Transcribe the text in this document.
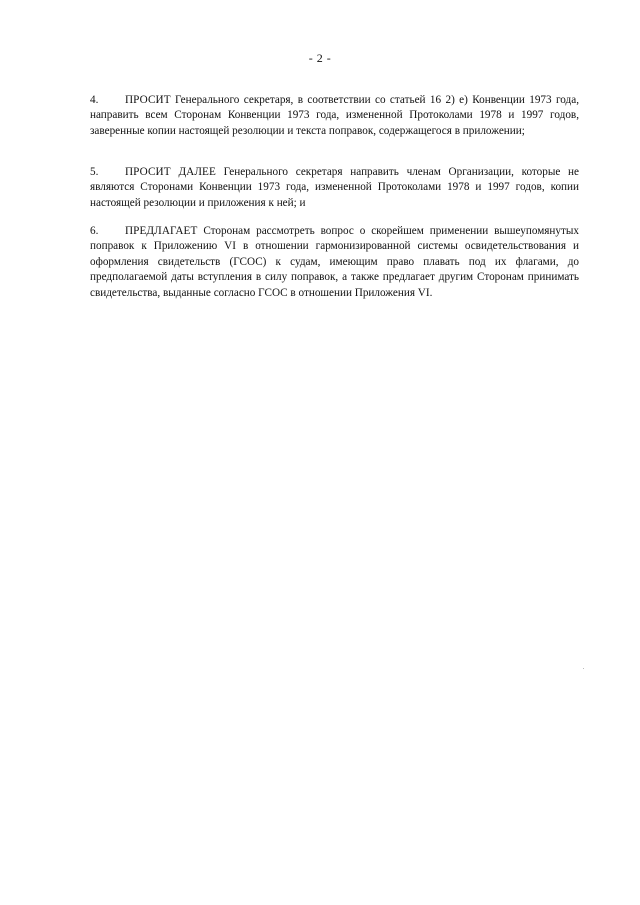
- 2 -

4. ПРОСИТ Генерального секретаря, в соответствии со статьей 16 2) е) Конвенции 1973 года, направить всем Сторонам Конвенции 1973 года, измененной Протоколами 1978 и 1997 годов, заверенные копии настоящей резолюции и текста поправок, содержащегося в приложении;

5. ПРОСИТ ДАЛЕЕ Генерального секретаря направить членам Организации, которые не являются Сторонами Конвенции 1973 года, измененной Протоколами 1978 и 1997 годов, копии настоящей резолюции и приложения к ней; и

6. ПРЕДЛАГАЕТ Сторонам рассмотреть вопрос о скорейшем применении вышеупомянутых поправок к Приложению VI в отношении гармонизированной системы освидетельствования и оформления свидетельств (ГСОС) к судам, имеющим право плавать под их флагами, до предполагаемой даты вступления в силу поправок, а также предлагает другим Сторонам принимать свидетельства, выданные согласно ГСОС в отношении Приложения VI.
